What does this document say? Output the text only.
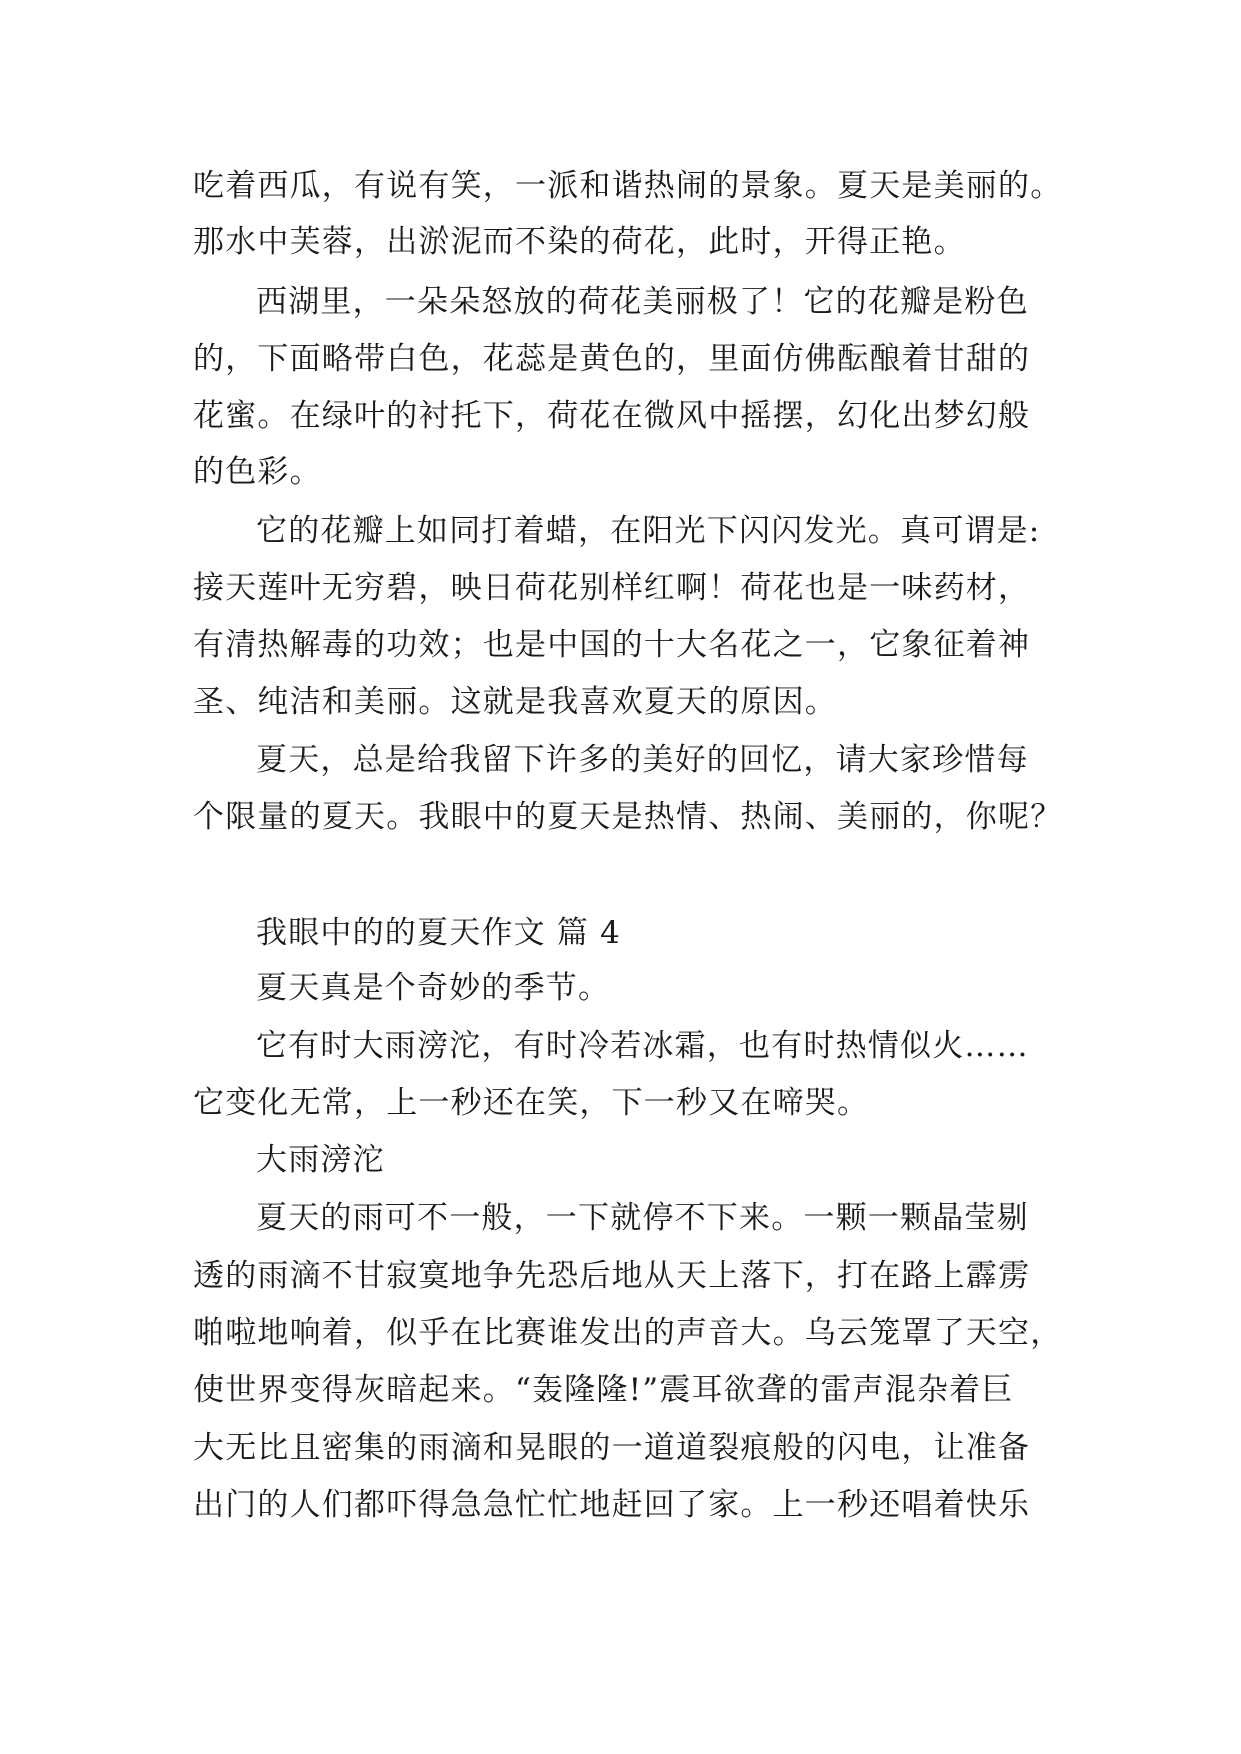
吃着西瓜，有说有笑，一派和谐热闹的景象。夏天是美丽的。
那水中芙蓉，出淤泥而不染的荷花，此时，开得正艳。
西湖里，一朵朵怒放的荷花美丽极了！它的花瓣是粉色
的，下面略带白色，花蕊是黄色的，里面仿佛酝酿着甘甜的
花蜜。在绿叶的衬托下，荷花在微风中摇摆，幻化出梦幻般
的色彩。
它的花瓣上如同打着蜡，在阳光下闪闪发光。真可谓是:
接天莲叶无穷碧，映日荷花别样红啊！荷花也是一味药材，
有清热解毒的功效；也是中国的十大名花之一，它象征着神
圣、纯洁和美丽。这就是我喜欢夏天的原因。
夏天，总是给我留下许多的美好的回忆，请大家珍惜每
个限量的夏天。我眼中的夏天是热情、热闹、美丽的，你呢？
我眼中的的夏天作文 篇 4
夏天真是个奇妙的季节。
它有时大雨滂沱，有时冷若冰霜，也有时热情似火……
它变化无常，上一秒还在笑，下一秒又在啼哭。
大雨滂沱
夏天的雨可不一般，一下就停不下来。一颗一颗晶莹剔
透的雨滴不甘寂寞地争先恐后地从天上落下，打在路上霹雳
啪啦地响着，似乎在比赛谁发出的声音大。乌云笼罩了天空，
使世界变得灰暗起来。“轰隆隆!”震耳欲聋的雷声混杂着巨
大无比且密集的雨滴和晃眼的一道道裂痕般的闪电，让准备
出门的人们都吓得急急忙忙地赶回了家。上一秒还唱着快乐
